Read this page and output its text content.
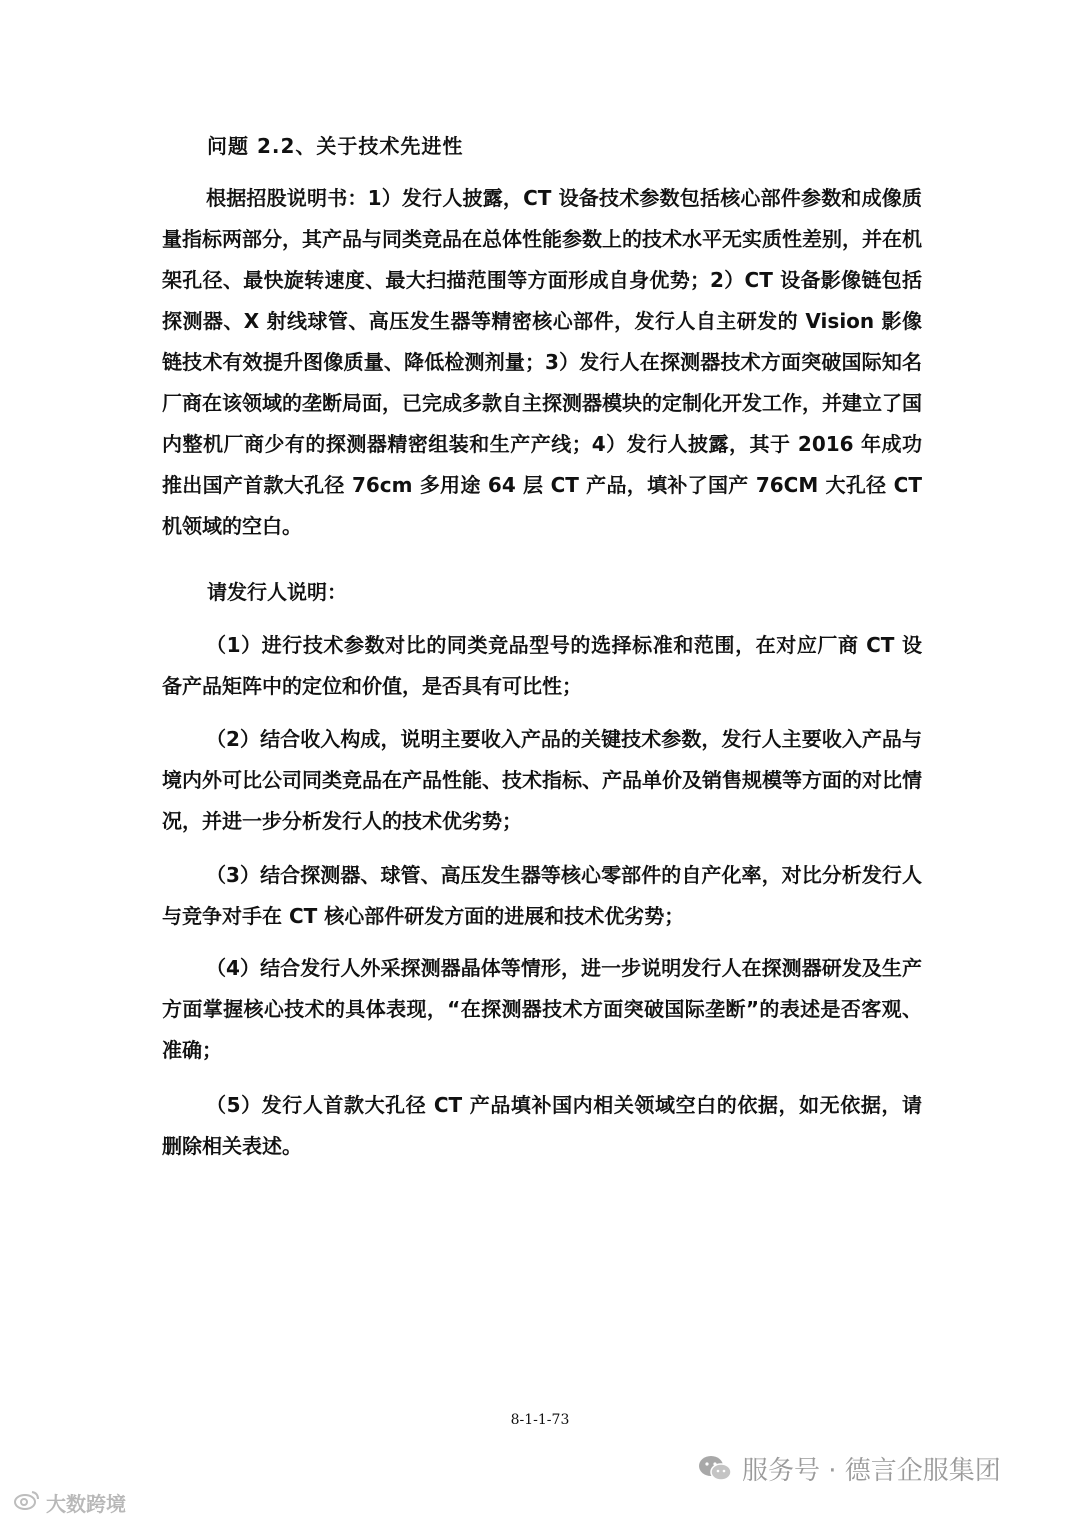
问题 2.2、关于技术先进性
根据招股说明书：1）发行人披露，CT 设备技术参数包括核心部件参数和成像质量指标两部分，其产品与同类竞品在总体性能参数上的技术水平无实质性差别，并在机架孔径、最快旋转速度、最大扫描范围等方面形成自身优势；2）CT 设备影像链包括探测器、X 射线球管、高压发生器等精密核心部件，发行人自主研发的 Vision 影像链技术有效提升图像质量、降低检测剂量；3）发行人在探测器技术方面突破国际知名厂商在该领域的垄断局面，已完成多款自主探测器模块的定制化开发工作，并建立了国内整机厂商少有的探测器精密组装和生产产线；4）发行人披露，其于 2016 年成功推出国产首款大孔径 76cm 多用途 64 层 CT 产品，填补了国产 76CM 大孔径 CT 机领域的空白。
请发行人说明：
（1）进行技术参数对比的同类竞品型号的选择标准和范围，在对应厂商 CT 设备产品矩阵中的定位和价值，是否具有可比性；
（2）结合收入构成，说明主要收入产品的关键技术参数，发行人主要收入产品与境内外可比公司同类竞品在产品性能、技术指标、产品单价及销售规模等方面的对比情况，并进一步分析发行人的技术优劣势；
（3）结合探测器、球管、高压发生器等核心零部件的自产化率，对比分析发行人与竞争对手在 CT 核心部件研发方面的进展和技术优劣势；
（4）结合发行人外采探测器晶体等情形，进一步说明发行人在探测器研发及生产方面掌握核心技术的具体表现，“在探测器技术方面突破国际垄断”的表述是否客观、准确；
（5）发行人首款大孔径 CT 产品填补国内相关领域空白的依据，如无依据，请删除相关表述。
8-1-1-73
大数跨境
服务号 · 德言企服集团
